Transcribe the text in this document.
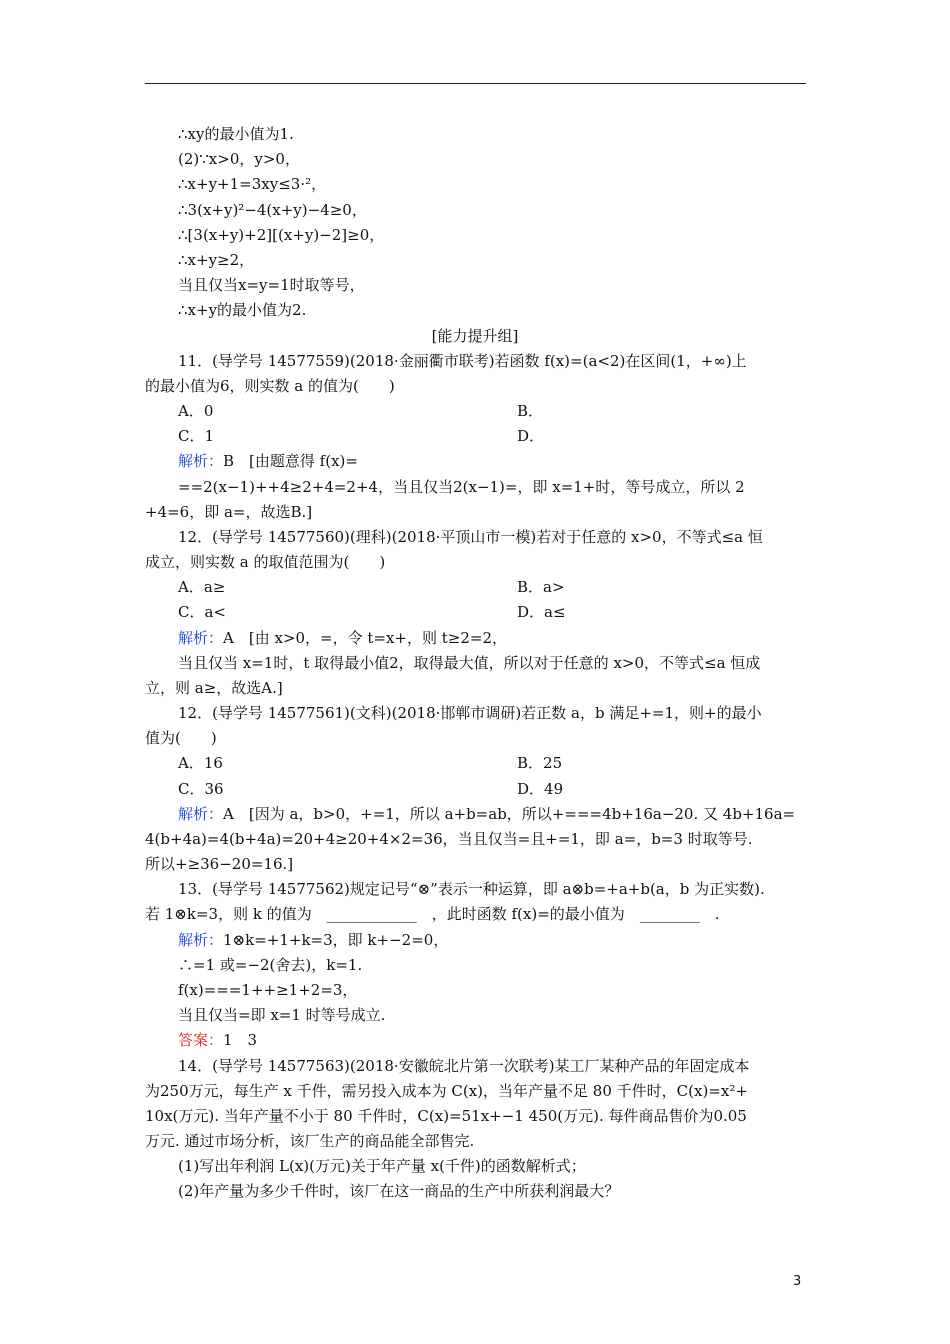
∴xy的最小值为1.
(2)∵x>0，y>0，
∴x+y+1=3xy≤3·²，
∴3(x+y)²−4(x+y)−4≥0，
∴[3(x+y)+2][(x+y)−2]≥0，
∴x+y≥2，
当且仅当x=y=1时取等号，
∴x+y的最小值为2.
[能力提升组]
11．(导学号 14577559)(2018·金丽衢市联考)若函数 f(x)=(a<2)在区间(1，+∞)上
的最小值为6，则实数 a 的值为(　　)
A．0	B．
C．1	D．
解析：B　[由题意得 f(x)=
==2(x−1)++4≥2+4=2+4，当且仅当2(x−1)=，即 x=1+时，等号成立，所以 2
+4=6，即 a=，故选B.]
12．(导学号 14577560)(理科)(2018·平顶山市一模)若对于任意的 x>0，不等式≤a 恒
成立，则实数 a 的取值范围为(　　)
A．a≥	B．a>
C．a<	D．a≤
解析：A　[由 x>0，=，令 t=x+，则 t≥2=2，
当且仅当 x=1时，t 取得最小值2，取得最大值，所以对于任意的 x>0，不等式≤a 恒成
立，则 a≥，故选A.]
12．(导学号 14577561)(文科)(2018·邯郸市调研)若正数 a，b 满足+=1，则+的最小
值为(　　)
A．16	B．25
C．36	D．49
解析：A　[因为 a，b>0，+=1，所以 a+b=ab，所以+===4b+16a−20. 又 4b+16a=
4(b+4a)=4(b+4a)=20+4≥20+4×2=36，当且仅当=且+=1，即 a=，b=3 时取等号.
所以+≥36−20=16.]
13．(导学号 14577562)规定记号“⊗”表示一种运算，即 a⊗b=+a+b(a，b 为正实数).
若 1⊗k=3，则 k 的值为　____________　，此时函数 f(x)=的最小值为　________　.
解析：1⊗k=+1+k=3，即 k+−2=0，
∴=1 或=−2(舍去)，k=1.
f(x)===1++≥1+2=3，
当且仅当=即 x=1 时等号成立.
答案：1　3
14．(导学号 14577563)(2018·安徽皖北片第一次联考)某工厂某种产品的年固定成本
为250万元，每生产 x 千件，需另投入成本为 C(x)，当年产量不足 80 千件时，C(x)=x²+
10x(万元). 当年产量不小于 80 千件时，C(x)=51x+−1 450(万元). 每件商品售价为0.05
万元. 通过市场分析，该厂生产的商品能全部售完.
(1)写出年利润 L(x)(万元)关于年产量 x(千件)的函数解析式；
(2)年产量为多少千件时，该厂在这一商品的生产中所获利润最大？
3
